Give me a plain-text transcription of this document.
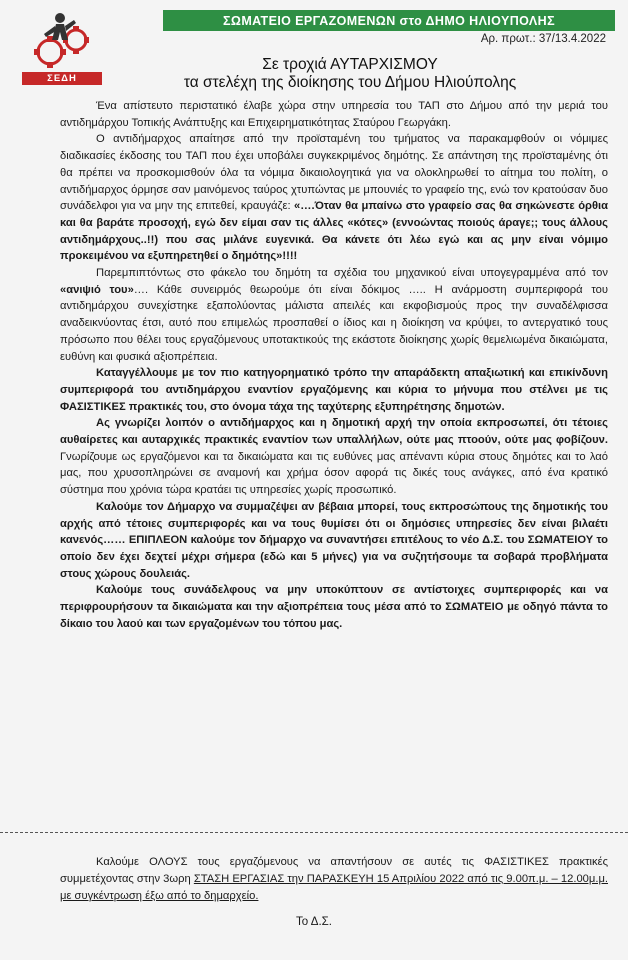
ΣΕΔΗ
ΣΩΜΑΤΕΙΟ ΕΡΓΑΖΟΜΕΝΩΝ στο ΔΗΜΟ ΗΛΙΟΥΠΟΛΗΣ
Αρ. πρωτ.: 37/13.4.2022
Σε τροχιά ΑΥΤΑΡΧΙΣΜΟΥ
τα στελέχη της διοίκησης του Δήμου Ηλιούπολης

Ένα απίστευτο περιστατικό έλαβε χώρα στην υπηρεσία του ΤΑΠ στο Δήμου από την μεριά του αντιδημάρχου Τοπικής Ανάπτυξης και Επιχειρηματικότητας Σταύρου Γεωργάκη.

Ο αντιδήμαρχος απαίτησε από την προϊσταμένη του τμήματος να παρακαμφθούν οι νόμιμες διαδικασίες έκδοσης του ΤΑΠ που έχει υποβάλει συγκεκριμένος δημότης. Σε απάντηση της προϊσταμένης ότι θα πρέπει να προσκομισθούν όλα τα νόμιμα δικαιολογητικά για να ολοκληρωθεί το αίτημα του πολίτη, ο αντιδήμαρχος όρμησε σαν μαινόμενος ταύρος χτυπώντας με μπουνιές το γραφείο της, ενώ τον κρατούσαν δυο συνάδελφοι για να μην της επιτεθεί, κραυγάζε: «….Όταν θα μπαίνω στο γραφείο σας θα σηκώνεστε όρθια και θα βαράτε προσοχή, εγώ δεν είμαι σαν τις άλλες «κότες» (εννοώντας ποιούς άραγε;; τους άλλους αντιδημάρχους..!!) που σας μιλάνε ευγενικά. Θα κάνετε ότι λέω εγώ και ας μην είναι νόμιμο προκειμένου να εξυπηρετηθεί ο δημότης»!!!!

Παρεμπιπτόντως στο φάκελο του δημότη τα σχέδια του μηχανικού είναι υπογεγραμμένα από τον «ανιψιό του»…. Κάθε συνειρμός θεωρούμε ότι είναι δόκιμος ….. Η ανάρμοστη συμπεριφορά του αντιδημάρχου συνεχίστηκε εξαπολύοντας μάλιστα απειλές και εκφοβισμούς προς την συναδέλφισσα αναδεικνύοντας έτσι, αυτό που επιμελώς προσπαθεί ο ίδιος και η διοίκηση να κρύψει, το αντεργατικό τους πρόσωπο που θέλει τους εργαζόμενους υποτακτικούς της εκάστοτε διοίκησης χωρίς θεμελιωμένα δικαιώματα, ευθύνη και φυσικά αξιοπρέπεια.

Καταγγέλλουμε με τον πιο κατηγορηματικό τρόπο την απαράδεκτη απαξιωτική και επικίνδυνη συμπεριφορά του αντιδημάρχου εναντίον εργαζόμενης και κύρια το μήνυμα που στέλνει με τις ΦΑΣΙΣΤΙΚΕΣ πρακτικές του, στο όνομα τάχα της ταχύτερης εξυπηρέτησης δημοτών.

Ας γνωρίζει λοιπόν ο αντιδήμαρχος και η δημοτική αρχή την οποία εκπροσωπεί, ότι τέτοιες αυθαίρετες και αυταρχικές πρακτικές εναντίον των υπαλλήλων, ούτε μας πτοούν, ούτε μας φοβίζουν. Γνωρίζουμε ως εργαζόμενοι και τα δικαιώματα και τις ευθύνες μας απέναντι κύρια στους δημότες και το λαό μας, που χρυσοπληρώνει σε αναμονή και χρήμα όσον αφορά τις δικές τους ανάγκες, από ένα κρατικό σύστημα που χρόνια τώρα κρατάει τις υπηρεσίες χωρίς προσωπικό.

Καλούμε τον Δήμαρχο να συμμαζέψει αν βέβαια μπορεί, τους εκπροσώπους της δημοτικής του αρχής από τέτοιες συμπεριφορές και να τους θυμίσει ότι οι δημόσιες υπηρεσίες δεν είναι βιλαέτι κανενός…… ΕΠΙΠΛΕΟΝ καλούμε τον δήμαρχο να συναντήσει επιτέλους το νέο Δ.Σ. του ΣΩΜΑΤΕΙΟΥ το οποίο δεν έχει δεχτεί μέχρι σήμερα (εδώ και 5 μήνες) για να συζητήσουμε τα σοβαρά προβλήματα στους χώρους δουλειάς.

Καλούμε τους συνάδελφους να μην υποκύπτουν σε αντίστοιχες συμπεριφορές και να περιφρουρήσουν τα δικαιώματα και την αξιοπρέπεια τους μέσα από το ΣΩΜΑΤΕΙΟ με οδηγό πάντα το δίκαιο του λαού και των εργαζομένων του τόπου μας.

Καλούμε ΟΛΟΥΣ τους εργαζόμενους να απαντήσουν σε αυτές τις ΦΑΣΙΣΤΙΚΕΣ πρακτικές συμμετέχοντας στην 3ωρη ΣΤΑΣΗ ΕΡΓΑΣΙΑΣ την ΠΑΡΑΣΚΕΥΗ 15 Απριλίου 2022 από τις 9.00π.μ. – 12.00μ.μ. με συγκέντρωση έξω από το δημαρχείο.

Το Δ.Σ.
